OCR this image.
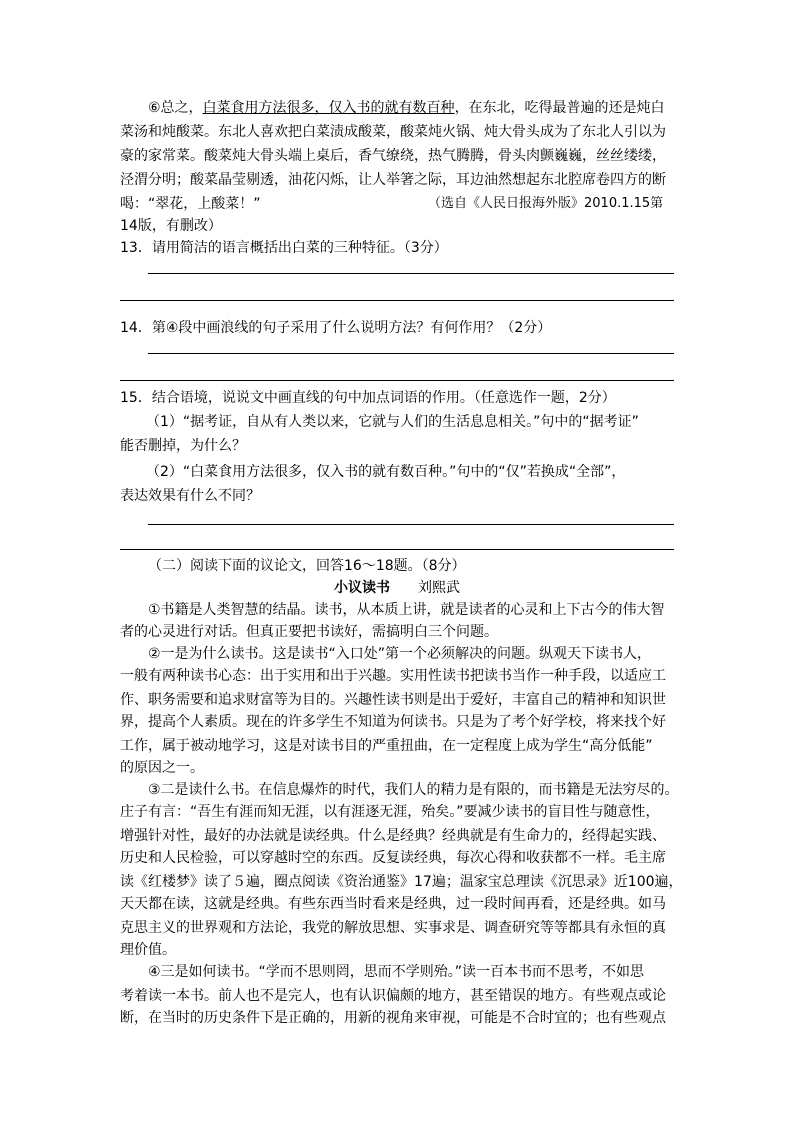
⑥总之，白菜食用方法很多，仅入书的就有数百种，在东北，吃得最普遍的还是炖白
菜汤和炖酸菜。东北人喜欢把白菜渍成酸菜，酸菜炖火锅、炖大骨头成为了东北人引以为
豪的家常菜。酸菜炖大骨头端上桌后，香气缭绕，热气腾腾，骨头肉颤巍巍，丝丝缕缕，
泾渭分明；酸菜晶莹剔透，油花闪烁，让人举箸之际，耳边油然想起东北腔席卷四方的断
喝：“翠花，上酸菜！”	（选自《人民日报海外版》2010.1.15第
14版，有删改）
13．请用简洁的语言概括出白菜的三种特征。（3分）
14．第④段中画浪线的句子采用了什么说明方法？有何作用？（2分）
15．结合语境，说说文中画直线的句中加点词语的作用。（任意选作一题，2分）
（1）“据考证，自从有人类以来，它就与人们的生活息息相关。”句中的“据考证”
能否删掉，为什么？
（2）“白菜食用方法很多，仅入书的就有数百种。”句中的“仅”若换成“全部”，
表达效果有什么不同？
（二）阅读下面的议论文，回答16～18题。（8分）
小议读书 刘熙武
①书籍是人类智慧的结晶。读书，从本质上讲，就是读者的心灵和上下古今的伟大智
者的心灵进行对话。但真正要把书读好，需搞明白三个问题。
②一是为什么读书。这是读书“入口处”第一个必须解决的问题。纵观天下读书人，
一般有两种读书心态：出于实用和出于兴趣。实用性读书把读书当作一种手段，以适应工
作、职务需要和追求财富等为目的。兴趣性读书则是出于爱好，丰富自己的精神和知识世
界，提高个人素质。现在的许多学生不知道为何读书。只是为了考个好学校，将来找个好
工作，属于被动地学习，这是对读书目的严重扭曲，在一定程度上成为学生“高分低能”
的原因之一。
③二是读什么书。在信息爆炸的时代，我们人的精力是有限的，而书籍是无法穷尽的。
庄子有言：“吾生有涯而知无涯，以有涯逐无涯，殆矣。”要减少读书的盲目性与随意性，
增强针对性，最好的办法就是读经典。什么是经典？经典就是有生命力的，经得起实践、
历史和人民检验，可以穿越时空的东西。反复读经典，每次心得和收获都不一样。毛主席
读《红楼梦》读了５遍，圈点阅读《资治通鉴》17遍；温家宝总理读《沉思录》近100遍，
天天都在读，这就是经典。有些东西当时看来是经典，过一段时间再看，还是经典。如马
克思主义的世界观和方法论，我党的解放思想、实事求是、调查研究等等都具有永恒的真
理价值。
④三是如何读书。“学而不思则罔，思而不学则殆。”读一百本书而不思考，不如思
考着读一本书。前人也不是完人，也有认识偏颇的地方，甚至错误的地方。有些观点或论
断，在当时的历史条件下是正确的，用新的视角来审视，可能是不合时宜的；也有些观点
